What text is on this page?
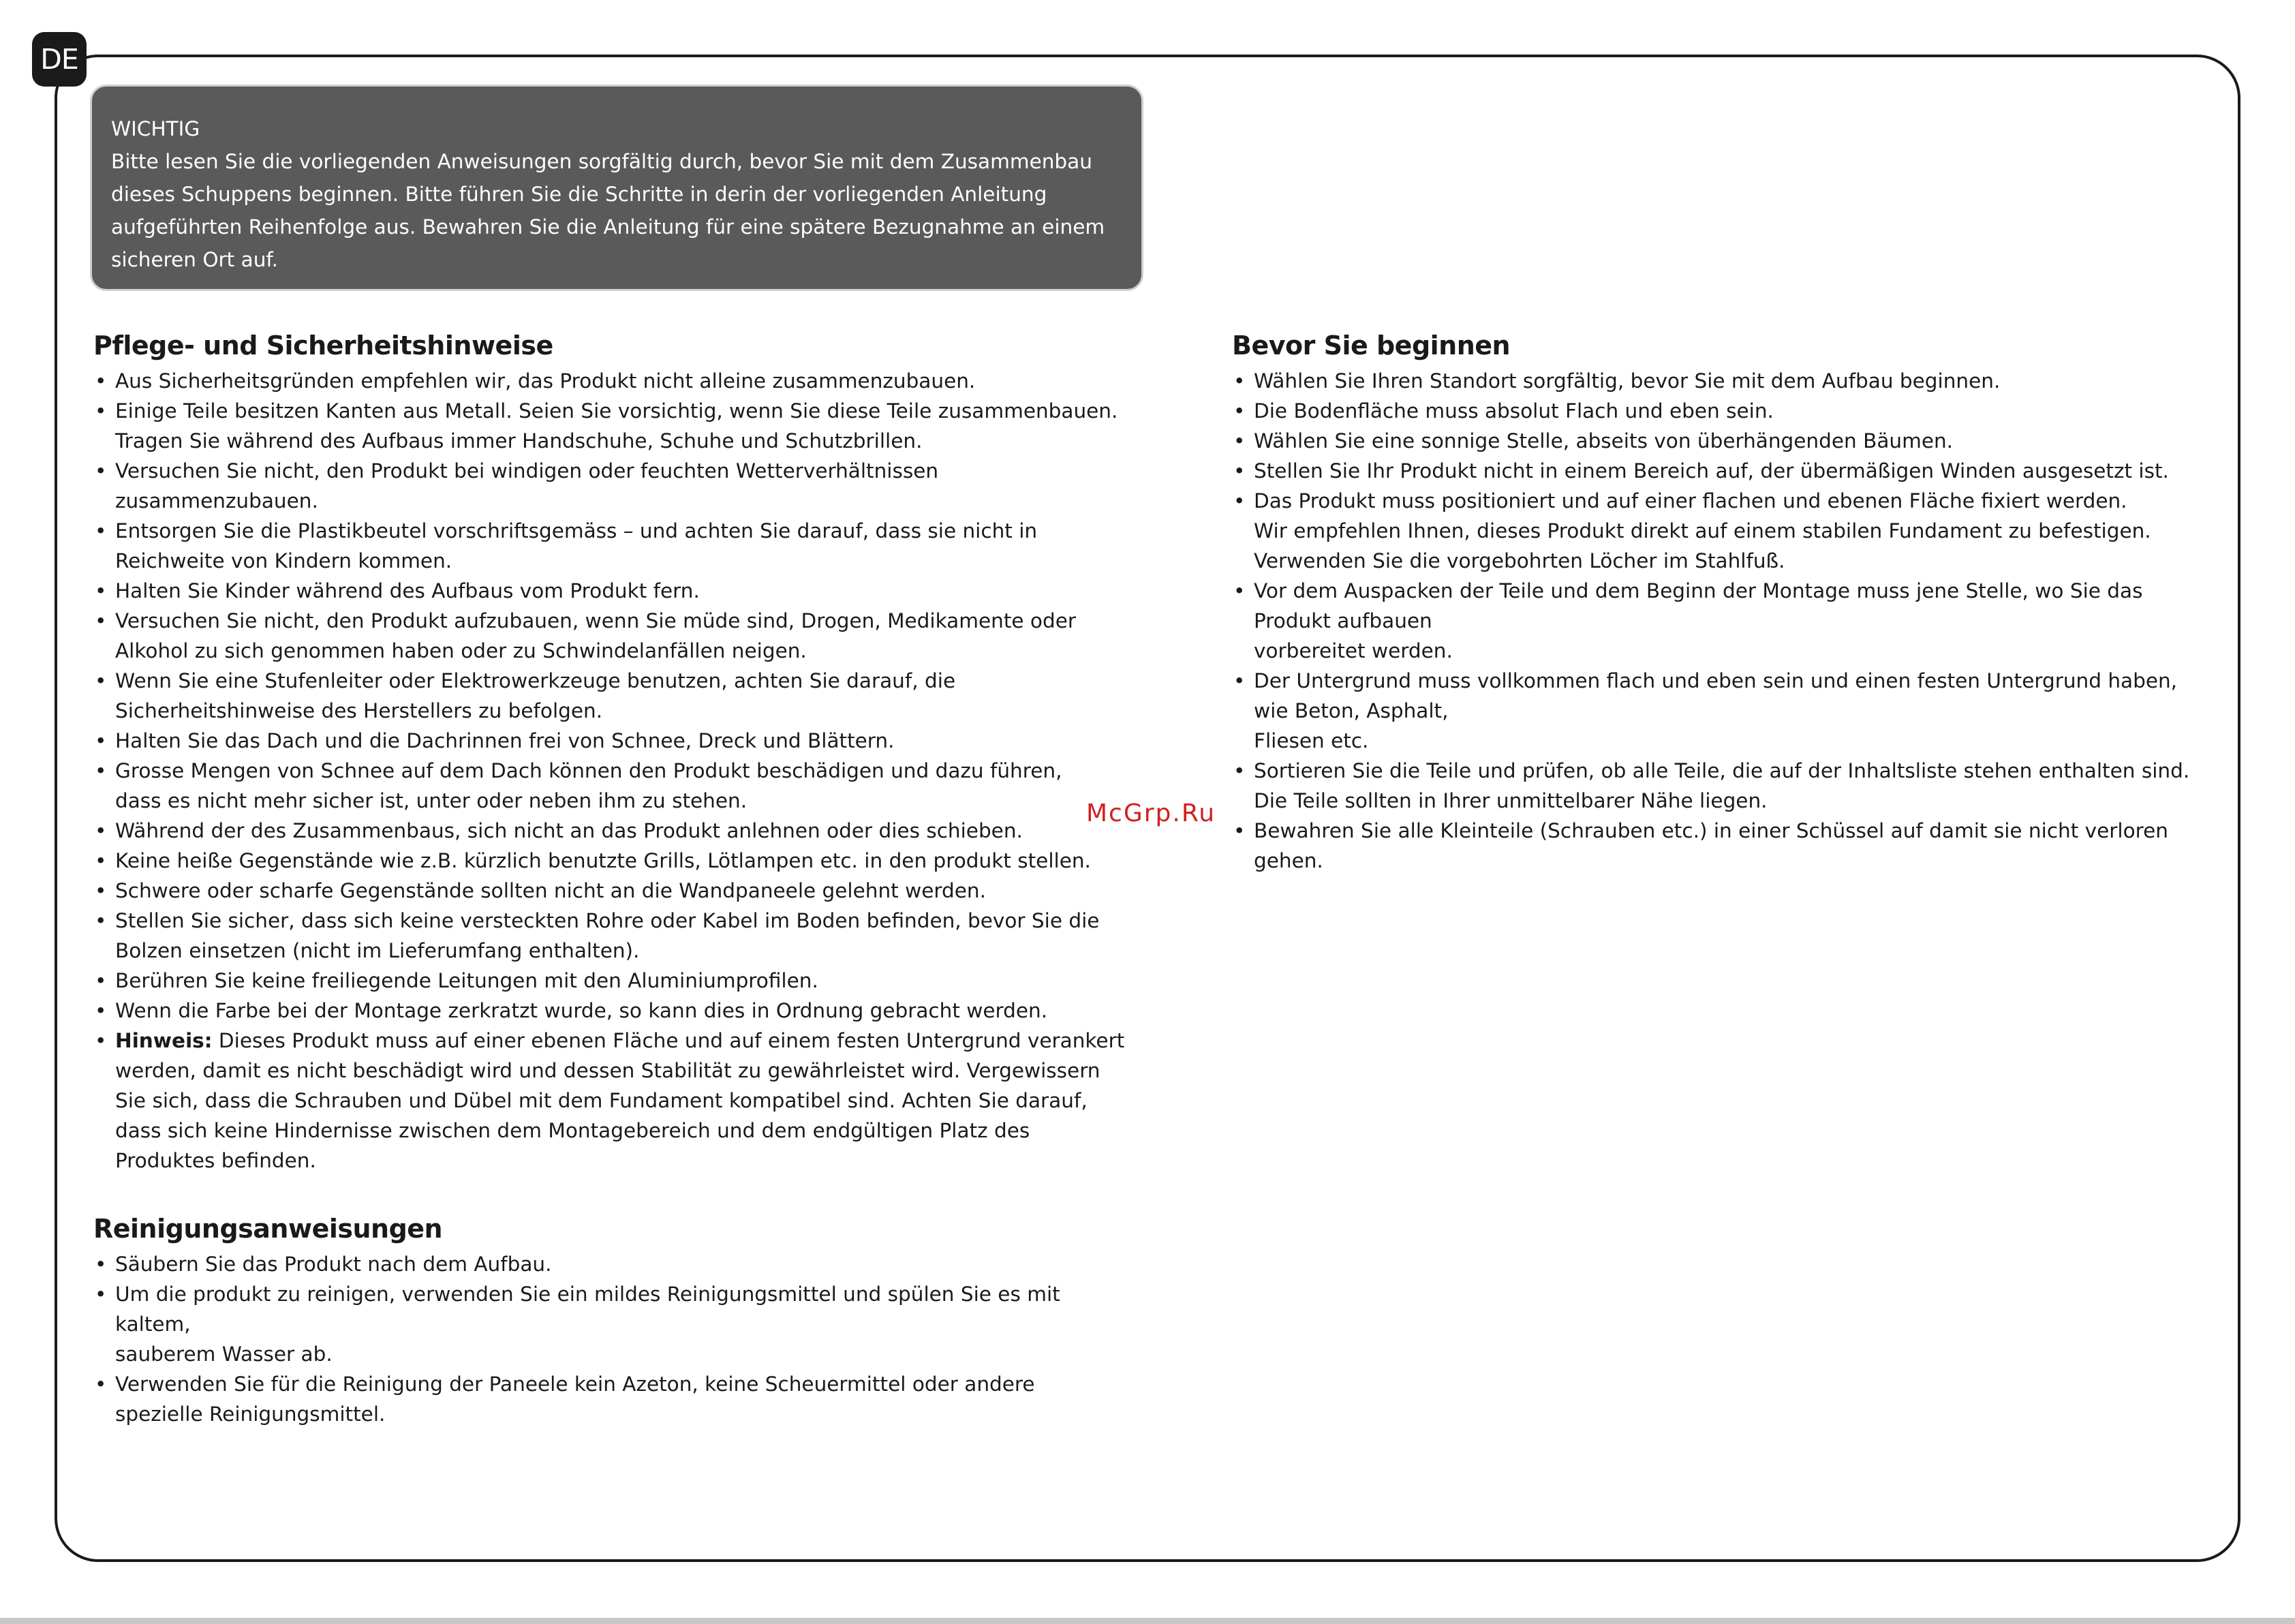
DE
WICHTIG
Bitte lesen Sie die vorliegenden Anweisungen sorgfältig durch, bevor Sie mit dem Zusammenbau
dieses Schuppens beginnen. Bitte führen Sie die Schritte in derin der vorliegenden Anleitung
aufgeführten Reihenfolge aus. Bewahren Sie die Anleitung für eine spätere Bezugnahme an einem
sicheren Ort auf.
Pflege- und Sicherheitshinweise
• Aus Sicherheitsgründen empfehlen wir, das Produkt nicht alleine zusammenzubauen.
• Einige Teile besitzen Kanten aus Metall. Seien Sie vorsichtig, wenn Sie diese Teile zusammenbauen.
Tragen Sie während des Aufbaus immer Handschuhe, Schuhe und Schutzbrillen.
• Versuchen Sie nicht, den Produkt bei windigen oder feuchten Wetterverhältnissen
zusammenzubauen.
• Entsorgen Sie die Plastikbeutel vorschriftsgemäss – und achten Sie darauf, dass sie nicht in
Reichweite von Kindern kommen.
• Halten Sie Kinder während des Aufbaus vom Produkt fern.
• Versuchen Sie nicht, den Produkt aufzubauen, wenn Sie müde sind, Drogen, Medikamente oder
Alkohol zu sich genommen haben oder zu Schwindelanfällen neigen.
• Wenn Sie eine Stufenleiter oder Elektrowerkzeuge benutzen, achten Sie darauf, die
Sicherheitshinweise des Herstellers zu befolgen.
• Halten Sie das Dach und die Dachrinnen frei von Schnee, Dreck und Blättern.
• Grosse Mengen von Schnee auf dem Dach können den Produkt beschädigen und dazu führen,
dass es nicht mehr sicher ist, unter oder neben ihm zu stehen.
• Während der des Zusammenbaus, sich nicht an das Produkt anlehnen oder dies schieben.
• Keine heiße Gegenstände wie z.B. kürzlich benutzte Grills, Lötlampen etc. in den produkt stellen.
• Schwere oder scharfe Gegenstände sollten nicht an die Wandpaneele gelehnt werden.
• Stellen Sie sicher, dass sich keine versteckten Rohre oder Kabel im Boden befinden, bevor Sie die
Bolzen einsetzen (nicht im Lieferumfang enthalten).
• Berühren Sie keine freiliegende Leitungen mit den Aluminiumprofilen.
• Wenn die Farbe bei der Montage zerkratzt wurde, so kann dies in Ordnung gebracht werden.
• Hinweis: Dieses Produkt muss auf einer ebenen Fläche und auf einem festen Untergrund verankert
werden, damit es nicht beschädigt wird und dessen Stabilität zu gewährleistet wird. Vergewissern
Sie sich, dass die Schrauben und Dübel mit dem Fundament kompatibel sind. Achten Sie darauf,
dass sich keine Hindernisse zwischen dem Montagebereich und dem endgültigen Platz des
Produktes befinden.
Reinigungsanweisungen
• Säubern Sie das Produkt nach dem Aufbau.
• Um die produkt zu reinigen, verwenden Sie ein mildes Reinigungsmittel und spülen Sie es mit
kaltem,
sauberem Wasser ab.
• Verwenden Sie für die Reinigung der Paneele kein Azeton, keine Scheuermittel oder andere
spezielle Reinigungsmittel.
Bevor Sie beginnen
• Wählen Sie Ihren Standort sorgfältig, bevor Sie mit dem Aufbau beginnen.
• Die Bodenfläche muss absolut Flach und eben sein.
• Wählen Sie eine sonnige Stelle, abseits von überhängenden Bäumen.
• Stellen Sie Ihr Produkt nicht in einem Bereich auf, der übermäßigen Winden ausgesetzt ist.
• Das Produkt muss positioniert und auf einer flachen und ebenen Fläche fixiert werden.
Wir empfehlen Ihnen, dieses Produkt direkt auf einem stabilen Fundament zu befestigen.
Verwenden Sie die vorgebohrten Löcher im Stahlfuß.
• Vor dem Auspacken der Teile und dem Beginn der Montage muss jene Stelle, wo Sie das
Produkt aufbauen
vorbereitet werden.
• Der Untergrund muss vollkommen flach und eben sein und einen festen Untergrund haben,
wie Beton, Asphalt,
Fliesen etc.
• Sortieren Sie die Teile und prüfen, ob alle Teile, die auf der Inhaltsliste stehen enthalten sind.
Die Teile sollten in Ihrer unmittelbarer Nähe liegen.
• Bewahren Sie alle Kleinteile (Schrauben etc.) in einer Schüssel auf damit sie nicht verloren
gehen.
McGrp.Ru
